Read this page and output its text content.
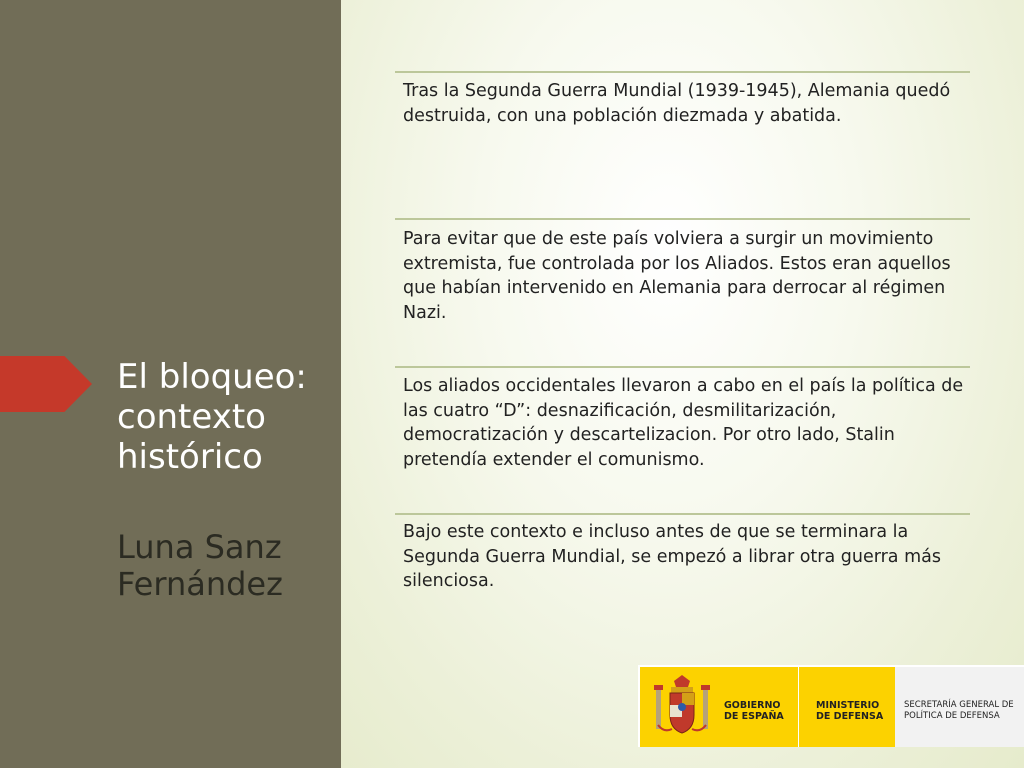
El bloqueo: contexto histórico
Luna Sanz Fernández
Tras la Segunda Guerra Mundial (1939-1945), Alemania quedó destruida, con una población diezmada y abatida.
Para evitar que de este país volviera a surgir un movimiento extremista, fue controlada por los Aliados. Estos eran aquellos que habían intervenido en Alemania para derrocar al régimen Nazi.
Los aliados occidentales llevaron a cabo en el país la política de las cuatro “D”: desnazificación, desmilitarización, democratización y descartelizacion. Por otro lado, Stalin pretendía extender el comunismo.
Bajo este contexto e incluso antes de que se terminara la Segunda Guerra Mundial, se empezó a librar otra guerra más silenciosa.
GOBIERNO
DE ESPAÑA
MINISTERIO
DE DEFENSA
SECRETARÍA GENERAL DE
POLÍTICA DE DEFENSA
